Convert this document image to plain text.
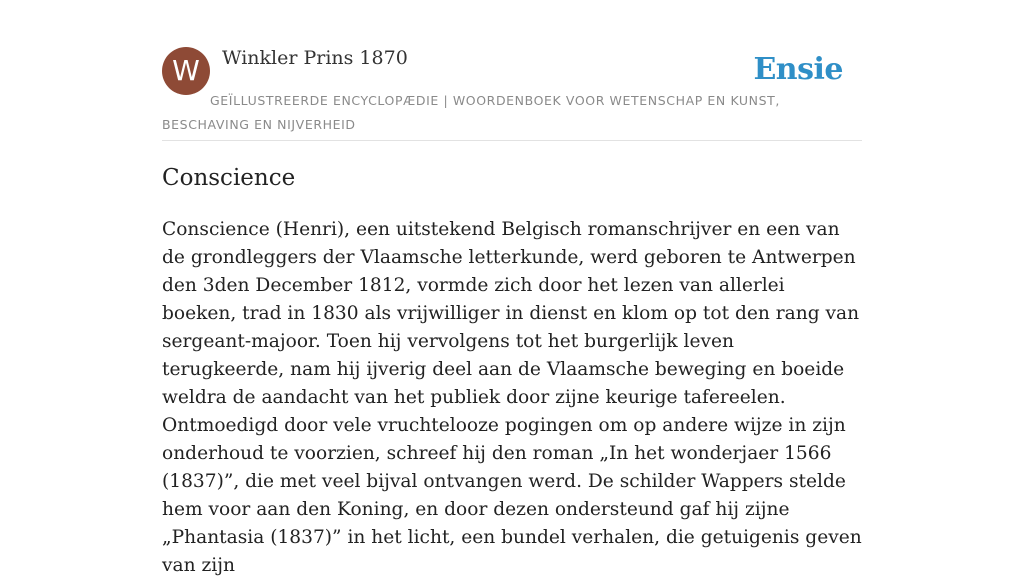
W	Winkler Prins 1870	Ensie
GEÏLLUSTREERDE ENCYCLOPÆDIE | WOORDENBOEK VOOR WETENSCHAP EN KUNST, BESCHAVING EN NIJVERHEID
Conscience

Conscience (Henri), een uitstekend Belgisch romanschrijver en een van de grondleggers der Vlaamsche letterkunde, werd geboren te Antwerpen den 3den December 1812, vormde zich door het lezen van allerlei boeken, trad in 1830 als vrijwilliger in dienst en klom op tot den rang van sergeant-majoor. Toen hij vervolgens tot het burgerlijk leven terugkeerde, nam hij ijverig deel aan de Vlaamsche beweging en boeide weldra de aandacht van het publiek door zijne keurige tafereelen. Ontmoedigd door vele vruchtelooze pogingen om op andere wijze in zijn onderhoud te voorzien, schreef hij den roman „In het wonderjaer 1566 (1837)”, die met veel bijval ontvangen werd. De schilder Wappers stelde hem voor aan den Koning, en door dezen ondersteund gaf hij zijne „Phantasia (1837)” in het licht, een bundel verhalen, die getuigenis geven van zijn
